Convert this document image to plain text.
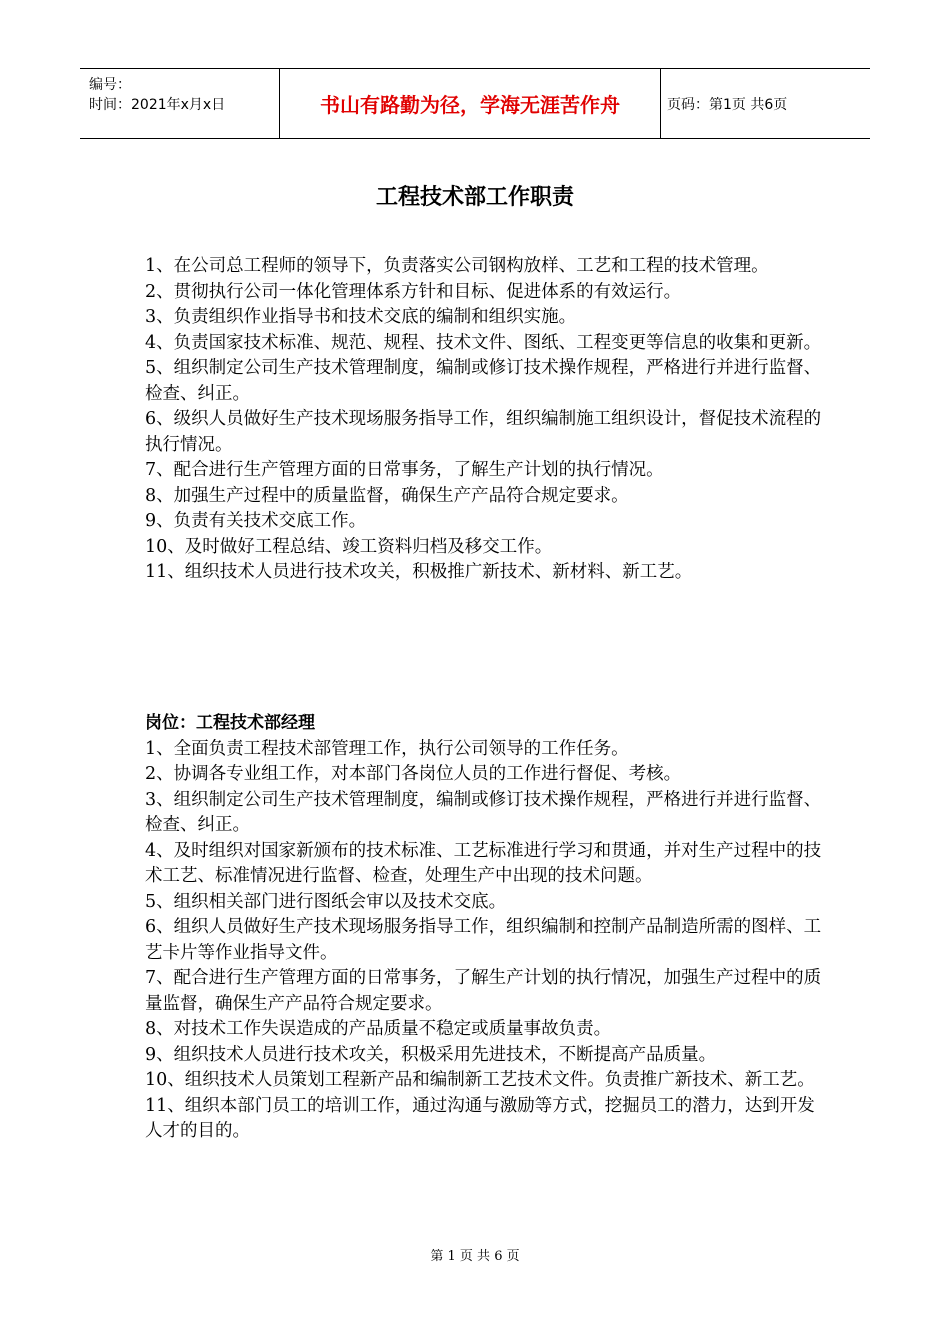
编号：
时间：2021年x月x日	书山有路勤为径，学海无涯苦作舟	页码：第1页 共6页
工程技术部工作职责

1、在公司总工程师的领导下，负责落实公司钢构放样、工艺和工程的技术管理。

2、贯彻执行公司一体化管理体系方针和目标、促进体系的有效运行。

3、负责组织作业指导书和技术交底的编制和组织实施。

4、负责国家技术标准、规范、规程、技术文件、图纸、工程变更等信息的收集和更新。

5、组织制定公司生产技术管理制度，编制或修订技术操作规程，严格进行并进行监督、检查、纠正。

6、级织人员做好生产技术现场服务指导工作，组织编制施工组织设计，督促技术流程的执行情况。

7、配合进行生产管理方面的日常事务，了解生产计划的执行情况。

8、加强生产过程中的质量监督，确保生产产品符合规定要求。

9、负责有关技术交底工作。

10、及时做好工程总结、竣工资料归档及移交工作。

11、组织技术人员进行技术攻关，积极推广新技术、新材料、新工艺。

岗位：工程技术部经理

1、全面负责工程技术部管理工作，执行公司领导的工作任务。

2、协调各专业组工作，对本部门各岗位人员的工作进行督促、考核。

3、组织制定公司生产技术管理制度，编制或修订技术操作规程，严格进行并进行监督、检查、纠正。

4、及时组织对国家新颁布的技术标准、工艺标准进行学习和贯通，并对生产过程中的技术工艺、标准情况进行监督、检查，处理生产中出现的技术问题。

5、组织相关部门进行图纸会审以及技术交底。

6、组织人员做好生产技术现场服务指导工作，组织编制和控制产品制造所需的图样、工艺卡片等作业指导文件。

7、配合进行生产管理方面的日常事务，了解生产计划的执行情况，加强生产过程中的质量监督，确保生产产品符合规定要求。

8、对技术工作失误造成的产品质量不稳定或质量事故负责。

9、组织技术人员进行技术攻关，积极采用先进技术，不断提高产品质量。

10、组织技术人员策划工程新产品和编制新工艺技术文件。负责推广新技术、新工艺。

11、组织本部门员工的培训工作，通过沟通与激励等方式，挖掘员工的潜力，达到开发人才的目的。

第 1 页 共 6 页
